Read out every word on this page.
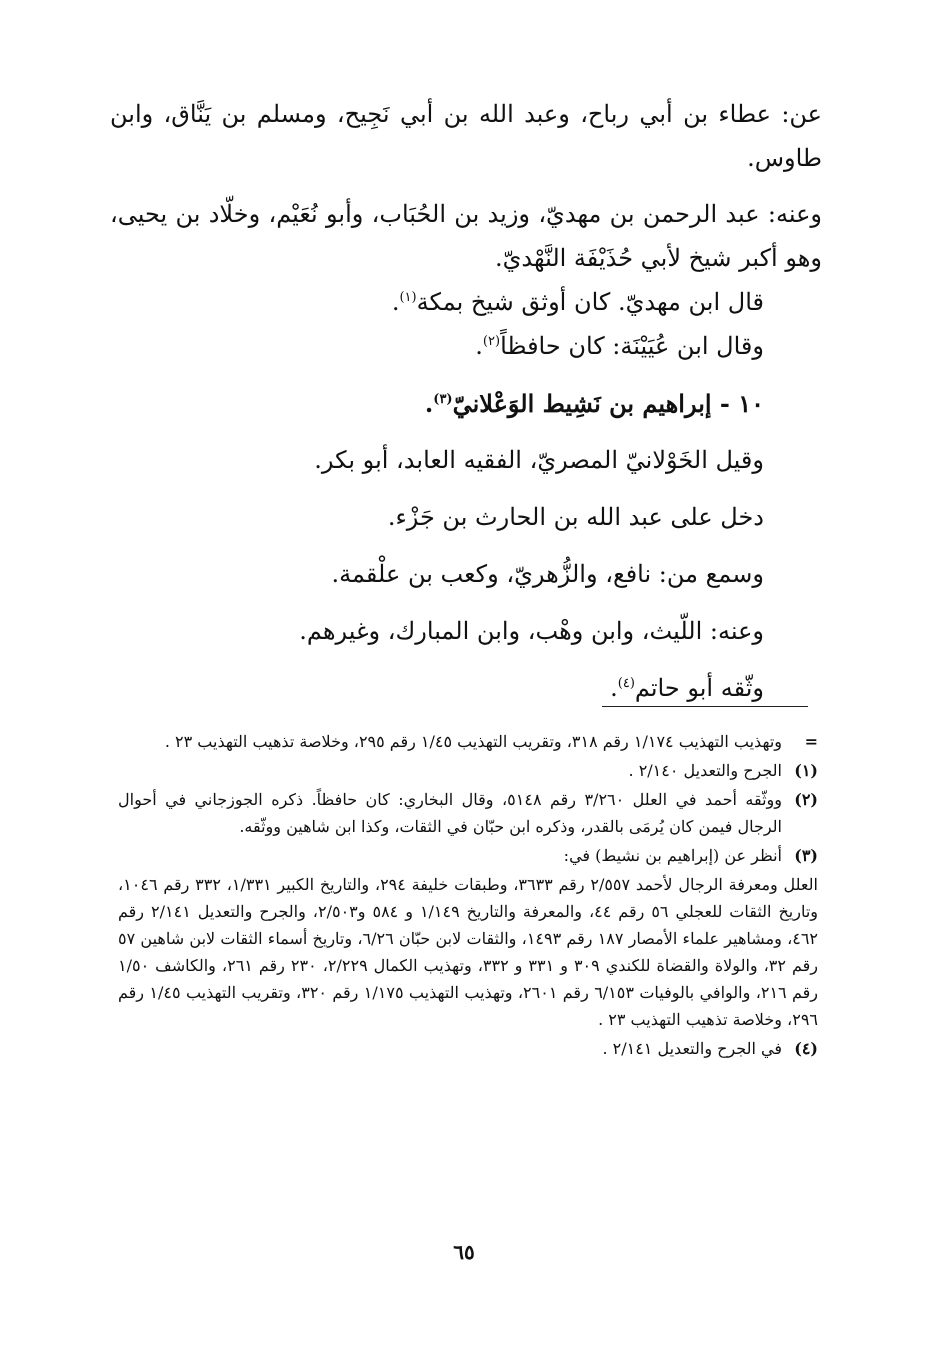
عن: عطاء بن أبي رباح، وعبد الله بن أبي نَجِيح، ومسلم بن يَنَّاق، وابن طاوس.

وعنه: عبد الرحمن بن مهديّ، وزيد بن الحُبَاب، وأبو نُعَيْم، وخلّاد بن يحيى، وهو أكبر شيخ لأبي حُذَيْفَة النَّهْديّ.

قال ابن مهديّ. كان أوثق شيخ بمكة$^{(١)}$.

وقال ابن عُيَيْنَة: كان حافظاً$^{(٢)}$.

١٠ - إبراهيم بن نَشِيط الوَعْلانيّ$^{(٣)}$.

وقيل الخَوْلانيّ المصريّ، الفقيه العابد، أبو بكر.

دخل على عبد الله بن الحارث بن جَزْء.

وسمع من: نافع، والزُّهريّ، وكعب بن علْقمة.

وعنه: اللّيث، وابن وهْب، وابن المبارك، وغيرهم.

وثّقه أبو حاتم$^{(٤)}$.

=
وتهذيب التهذيب ١/١٧٤ رقم ٣١٨، وتقريب التهذيب ١/٤٥ رقم ٢٩٥، وخلاصة تذهيب التهذيب ٢٣ .
(١)
الجرح والتعديل ٢/١٤٠ .
(٢)
ووثّقه أحمد في العلل ٣/٢٦٠ رقم ٥١٤٨، وقال البخاري: كان حافظاً. ذكره الجوزجاني في أحوال الرجال فيمن كان يُرمَى بالقدر، وذكره ابن حبّان في الثقات، وكذا ابن شاهين ووثّقه.
(٣)
أنظر عن (إبراهيم بن نشيط) في:
العلل ومعرفة الرجال لأحمد ٢/٥٥٧ رقم ٣٦٣٣، وطبقات خليفة ٢٩٤، والتاريخ الكبير ١/٣٣١، ٣٣٢ رقم ١٠٤٦، وتاريخ الثقات للعجلي ٥٦ رقم ٤٤، والمعرفة والتاريخ ١/١٤٩ و ٥٨٤ و٢/٥٠٣، والجرح والتعديل ٢/١٤١ رقم ٤٦٢، ومشاهير علماء الأمصار ١٨٧ رقم ١٤٩٣، والثقات لابن حبّان ٦/٢٦، وتاريخ أسماء الثقات لابن شاهين ٥٧ رقم ٣٢، والولاة والقضاة للكندي ٣٠٩ و ٣٣١ و ٣٣٢، وتهذيب الكمال ٢/٢٢٩، ٢٣٠ رقم ٢٦١، والكاشف ١/٥٠ رقم ٢١٦، والوافي بالوفيات ٦/١٥٣ رقم ٢٦٠١، وتهذيب التهذيب ١/١٧٥ رقم ٣٢٠، وتقريب التهذيب ١/٤٥ رقم ٢٩٦، وخلاصة تذهيب التهذيب ٢٣ .
(٤)
في الجرح والتعديل ٢/١٤١ .
٦٥
